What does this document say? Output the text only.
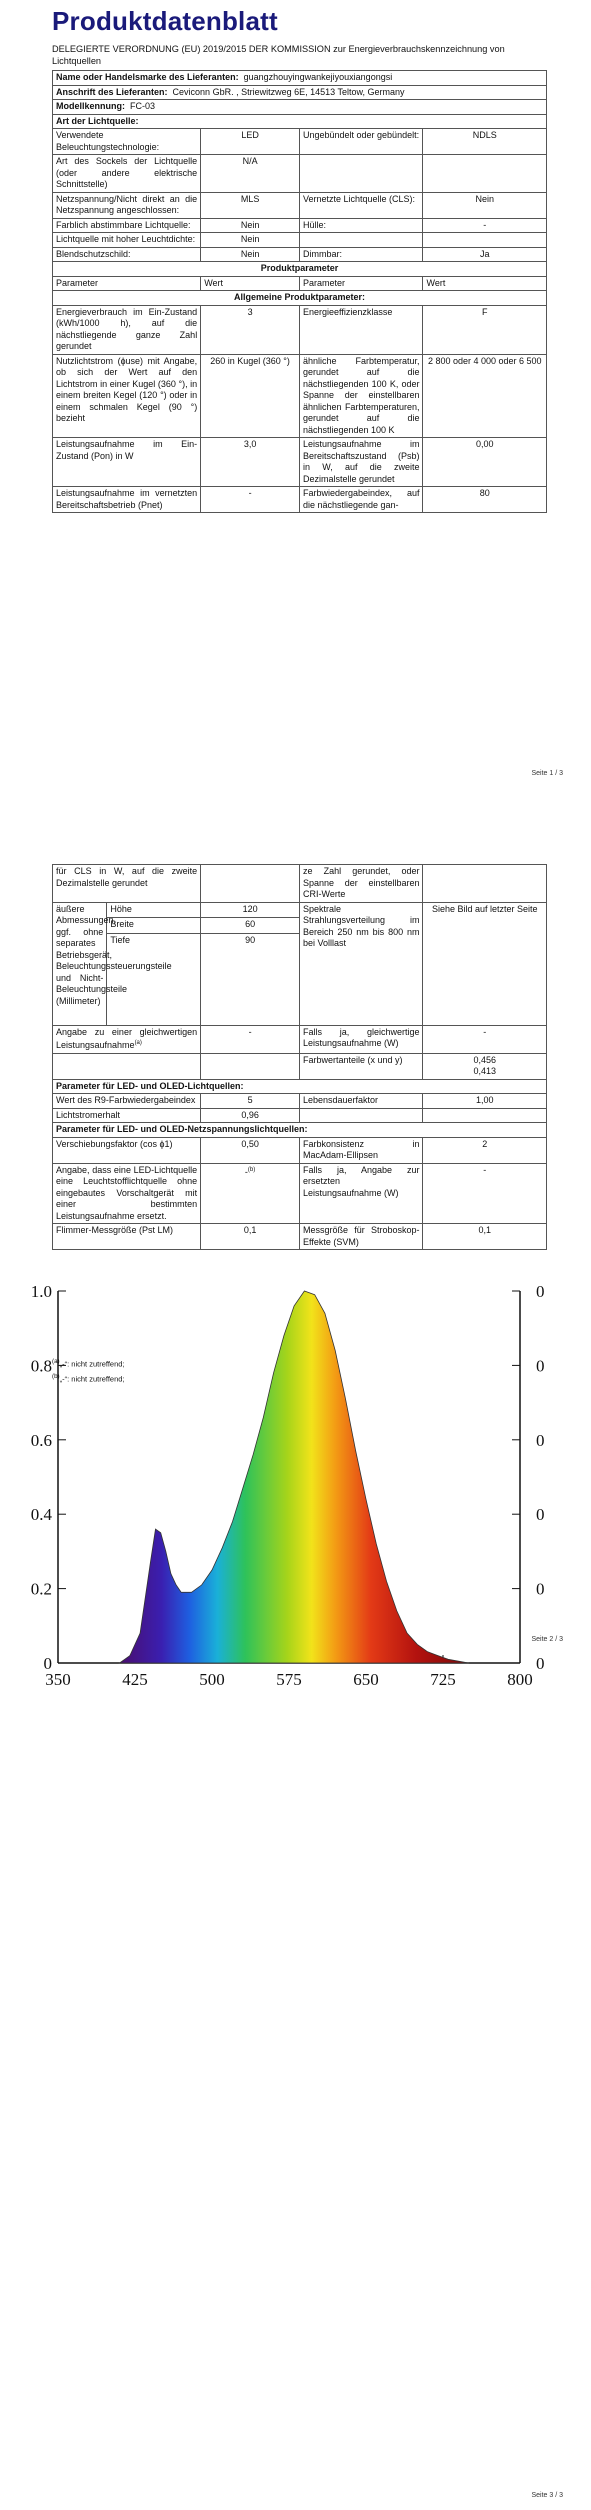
Produktdatenblatt
DELEGIERTE VERORDNUNG (EU) 2019/2015 DER KOMMISSION zur Energieverbrauchskennzeichnung von Lichtquellen
Name oder Handelsmarke des Lieferanten: guangzhouyingwankejiyouxiangongsi			
Anschrift des Lieferanten: Ceviconn GbR. , Striewitzweg 6E, 14513 Teltow, Germany			
Modellkennung: FC-03			
Art der Lichtquelle:			
Verwendete Beleuchtungstechnologie:	LED	Ungebündelt oder gebündelt:	NDLS
Art des Sockels der Lichtquelle (oder andere elektrische Schnittstelle)	N/A		
Netzspannung/Nicht direkt an die Netzspannung angeschlossen:	MLS	Vernetzte Lichtquelle (CLS):	Nein
Farblich abstimmbare Lichtquelle:	Nein	Hülle:	-
Lichtquelle mit hoher Leuchtdichte:	Nein		
Blendschutzschild:	Nein	Dimmbar:	Ja
Produktparameter			
Parameter	Wert	Parameter	Wert
Allgemeine Produktparameter:			
Energieverbrauch im Ein-Zustand (kWh/1000 h), auf die nächstliegende ganze Zahl gerundet	3	Energieeffizienzklasse	F
Nutzlichtstrom (ɸuse) mit Angabe, ob sich der Wert auf den Lichtstrom in einer Kugel (360 °), in einem breiten Kegel (120 °) oder in einem schmalen Kegel (90 °) bezieht	260 in Kugel (360 °)	ähnliche Farbtemperatur, gerundet auf die nächstliegenden 100 K, oder Spanne der einstellbaren ähnlichen Farbtemperaturen, gerundet auf die nächstliegenden 100 K	2 800 oder 4 000 oder 6 500
Leistungsaufnahme im Ein-Zustand (Pon) in W	3,0	Leistungsaufnahme im Bereitschaftszustand (Psb) in W, auf die zweite Dezimalstelle gerundet	0,00
Leistungsaufnahme im vernetzten Bereitschaftsbetrieb (Pnet)	-	Farbwiedergabeindex, auf die nächstliegende gan-	80
Seite 1 / 3
für CLS in W, auf die zweite Dezimalstelle gerundet			ze Zahl gerundet, oder Spanne der einstellbaren CRI-Werte	
äußere Abmessungen, ggf. ohne separates Betriebsgerät, Beleuchtungssteuerungsteile und Nicht-Beleuchtungsteile (Millimeter)	Höhe	120	Spektrale Strahlungsverteilung im Bereich 250 nm bis 800 nm bei Volllast	Siehe Bild auf letzter Seite
	Breite	60		
	Tiefe	90		
Angabe zu einer gleichwertigen Leistungsaufnahme$^{(a)}$		-	Falls ja, gleichwertige Leistungsaufnahme (W)	-
			Farbwertanteile (x und y)	0,456
0,413

Parameter für LED- und OLED-Lichtquellen:				
Wert des R9-Farbwiedergabeindex		5	Lebensdauerfaktor	1,00
Lichtstromerhalt		0,96		
Parameter für LED- und OLED-Netzspannungslichtquellen:				
Verschiebungsfaktor (cos ɸ1)		0,50	Farbkonsistenz in MacAdam-Ellipsen	2
Angabe, dass eine LED-Lichtquelle eine Leuchtstofflichtquelle ohne eingebautes Vorschaltgerät mit einer bestimmten Leistungsaufnahme ersetzt.		-$^{(b)}$	Falls ja, Angabe zur ersetzten Leistungsaufnahme (W)	-
Flimmer-Messgröße (Pst LM)		0,1	Messgröße für Stroboskop-Effekte (SVM)	0,1
$^{(a)}$„-“: nicht zutreffend;
$^{(b)}$„-“: nicht zutreffend;
Seite 2 / 3
0
0.2
0.4
0.6
0.8
1.0
0
0
0
0
0
0
350	425	500	575	650	725	800
Seite 3 / 3
